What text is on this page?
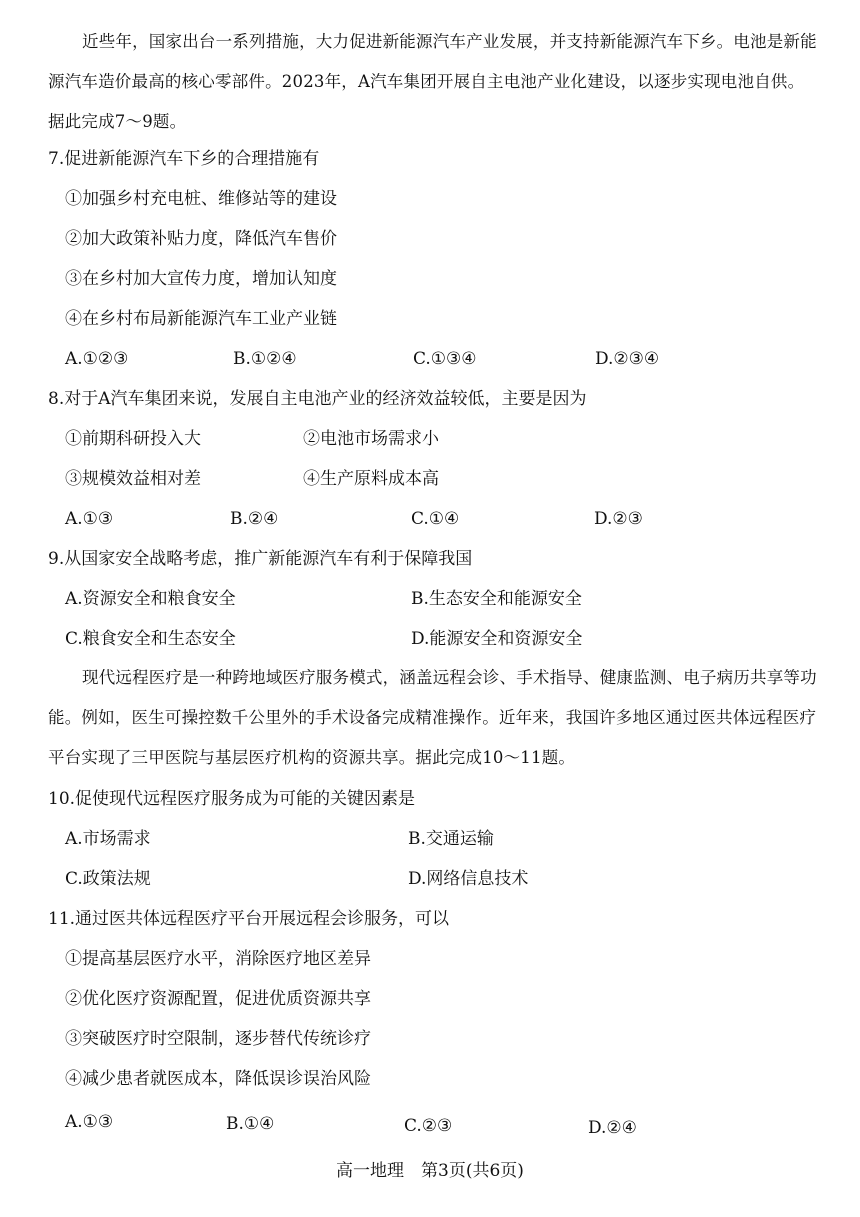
近些年，国家出台一系列措施，大力促进新能源汽车产业发展，并支持新能源汽车下乡。电池是新能源汽车造价最高的核心零部件。2023年，A汽车集团开展自主电池产业化建设，以逐步实现电池自供。据此完成7～9题。
7.促进新能源汽车下乡的合理措施有
①加强乡村充电桩、维修站等的建设
②加大政策补贴力度，降低汽车售价
③在乡村加大宣传力度，增加认知度
④在乡村布局新能源汽车工业产业链
A.①②③	B.①②④	C.①③④	D.②③④
8.对于A汽车集团来说，发展自主电池产业的经济效益较低，主要是因为
①前期科研投入大	②电池市场需求小
③规模效益相对差	④生产原料成本高
A.①③	B.②④	C.①④	D.②③
9.从国家安全战略考虑，推广新能源汽车有利于保障我国
A.资源安全和粮食安全	B.生态安全和能源安全
C.粮食安全和生态安全	D.能源安全和资源安全
现代远程医疗是一种跨地域医疗服务模式，涵盖远程会诊、手术指导、健康监测、电子病历共享等功能。例如，医生可操控数千公里外的手术设备完成精准操作。近年来，我国许多地区通过医共体远程医疗平台实现了三甲医院与基层医疗机构的资源共享。据此完成10～11题。
10.促使现代远程医疗服务成为可能的关键因素是
A.市场需求	B.交通运输
C.政策法规	D.网络信息技术
11.通过医共体远程医疗平台开展远程会诊服务，可以
①提高基层医疗水平，消除医疗地区差异
②优化医疗资源配置，促进优质资源共享
③突破医疗时空限制，逐步替代传统诊疗
④减少患者就医成本，降低误诊误治风险
A.①③	B.①④	C.②③	D.②④
高一地理　第3页(共6页)
